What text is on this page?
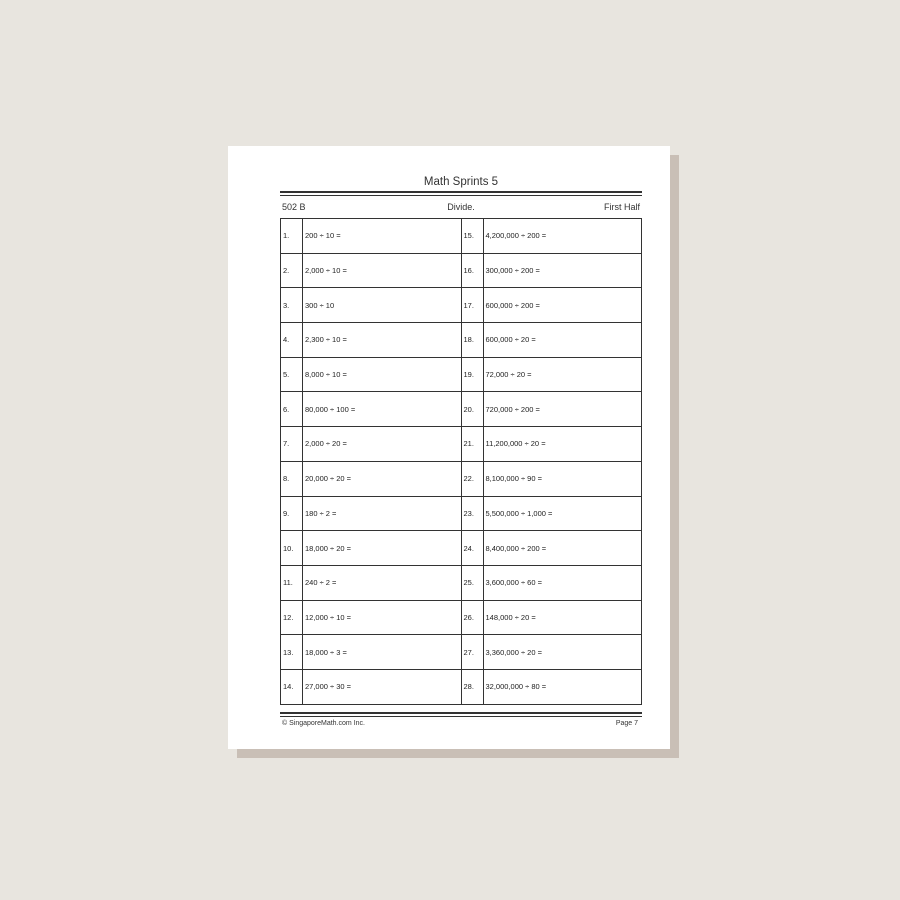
Math Sprints 5
502 B	Divide.	First Half
1.	200 ÷ 10 =	15.	4,200,000 ÷ 200 =
2.	2,000 ÷ 10 =	16.	300,000 ÷ 200 =
3.	300 ÷ 10	17.	600,000 ÷ 200 =
4.	2,300 ÷ 10 =	18.	600,000 ÷ 20 =
5.	8,000 ÷ 10 =	19.	72,000 ÷ 20 =
6.	80,000 ÷ 100 =	20.	720,000 ÷ 200 =
7.	2,000 ÷ 20 =	21.	11,200,000 ÷ 20 =
8.	20,000 ÷ 20 =	22.	8,100,000 ÷ 90 =
9.	180 ÷ 2 =	23.	5,500,000 ÷ 1,000 =
10.	18,000 ÷ 20 =	24.	8,400,000 ÷ 200 =
11.	240 ÷ 2 =	25.	3,600,000 ÷ 60 =
12.	12,000 ÷ 10 =	26.	148,000 ÷ 20 =
13.	18,000 ÷ 3 =	27.	3,360,000 ÷ 20 =
14.	27,000 ÷ 30 =	28.	32,000,000 ÷ 80 =
© SingaporeMath.com Inc.	Page 7
